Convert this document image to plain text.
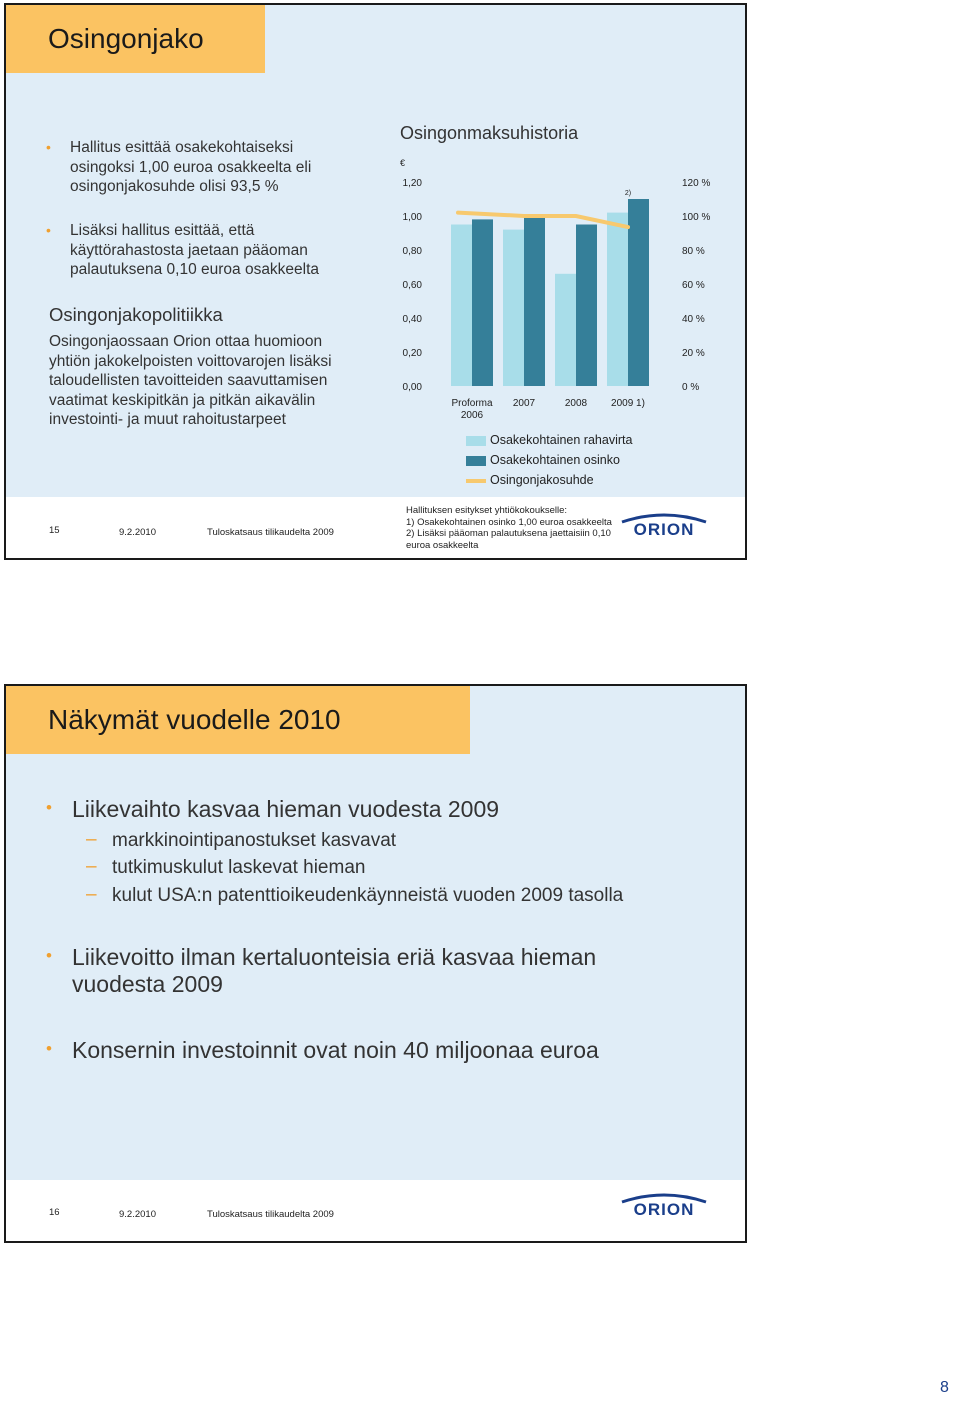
Osingonjako
• Hallitus esittää osakekohtaiseksi osingoksi 1,00 euroa osakkeelta eli osingonjakosuhde olisi 93,5 %
• Lisäksi hallitus esittää, että käyttörahastosta jaetaan pääoman palautuksena 0,10 euroa osakkeelta
Osingonjakopolitiikka
Osingonjaossaan Orion ottaa huomioon yhtiön jakokelpoisten voittovarojen lisäksi taloudellisten tavoitteiden saavuttamisen vaatimat keskipitkän ja pitkän aikavälin investointi- ja muut rahoitustarpeet
Osingonmaksuhistoria
€
0,00
0,20
0,40
0,60
0,80
1,00
1,20
0 %
20 %
40 %
60 %
80 %
100 %
120 %
Proforma
2006
2007	2008 2009 1)
2)
Osakekohtainen rahavirta
Osakekohtainen osinko
Osingonjakosuhde
Hallituksen esitykset yhtiökokoukselle:
1) Osakekohtainen osinko 1,00 euroa osakkeelta
2) Lisäksi pääoman palautuksena jaettaisiin 0,10
euroa osakkeelta
15	9.2.2010	Tuloskatsaus tilikaudelta 2009	ORION
Näkymät vuodelle 2010
• Liikevaihto kasvaa hieman vuodesta 2009
– markkinointipanostukset kasvavat
– tutkimuskulut laskevat hieman
– kulut USA:n patenttioikeudenkäynneistä vuoden 2009 tasolla
• Liikevoitto ilman kertaluonteisia eriä kasvaa hieman
vuodesta 2009
• Konsernin investoinnit ovat noin 40 miljoonaa euroa
16	9.2.2010	Tuloskatsaus tilikaudelta 2009	ORION
8
